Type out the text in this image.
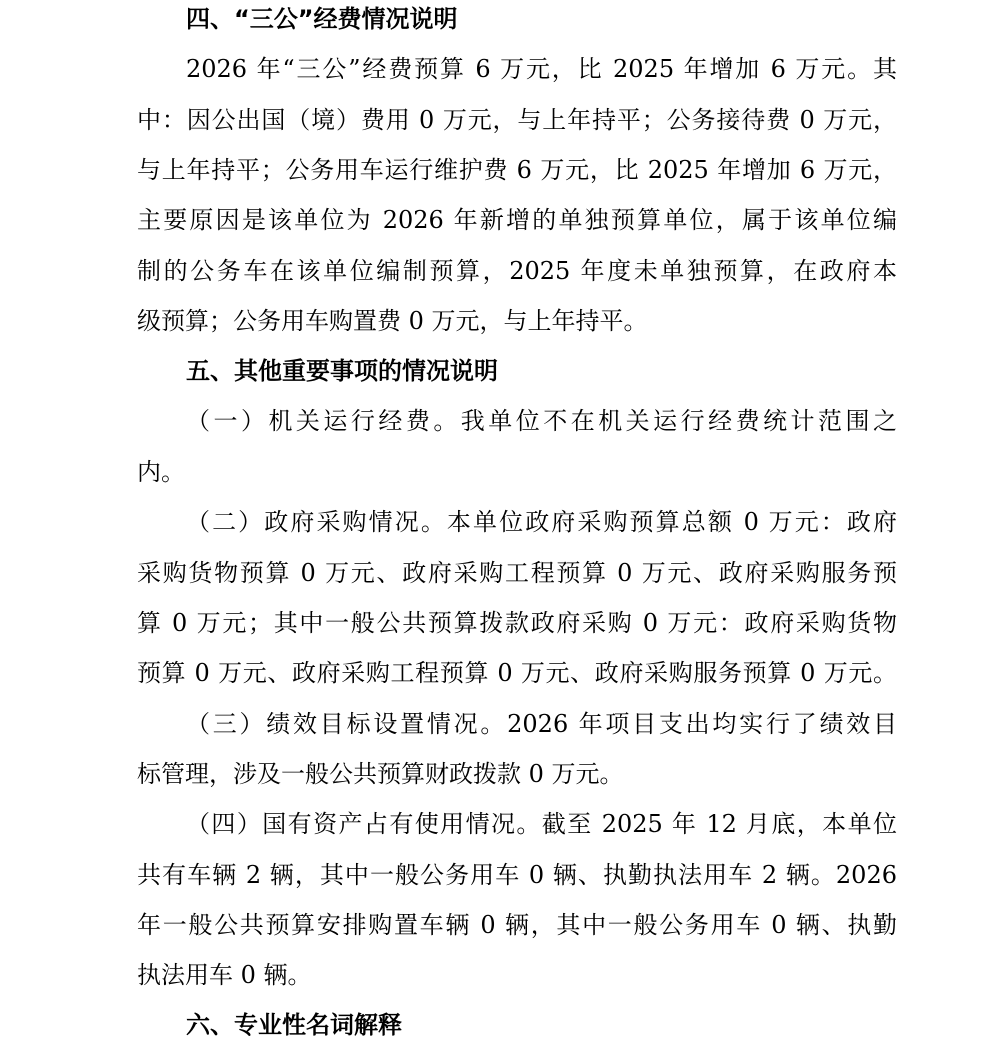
四、“三公”经费情况说明
2026 年“三公”经费预算 6 万元，比 2025 年增加 6 万元。其
中：因公出国（境）费用 0 万元，与上年持平；公务接待费 0 万元，
与上年持平；公务用车运行维护费 6 万元，比 2025 年增加 6 万元，
主要原因是该单位为 2026 年新增的单独预算单位，属于该单位编
制的公务车在该单位编制预算，2025 年度未单独预算，在政府本
级预算；公务用车购置费 0 万元，与上年持平。
五、其他重要事项的情况说明
（一）机关运行经费。我单位不在机关运行经费统计范围之
内。
（二）政府采购情况。本单位政府采购预算总额 0 万元：政府
采购货物预算 0 万元、政府采购工程预算 0 万元、政府采购服务预
算 0 万元；其中一般公共预算拨款政府采购 0 万元：政府采购货物
预算 0 万元、政府采购工程预算 0 万元、政府采购服务预算 0 万元。
（三）绩效目标设置情况。2026 年项目支出均实行了绩效目
标管理，涉及一般公共预算财政拨款 0 万元。
（四）国有资产占有使用情况。截至 2025 年 12 月底，本单位
共有车辆 2 辆，其中一般公务用车 0 辆、执勤执法用车 2 辆。2026
年一般公共预算安排购置车辆 0 辆，其中一般公务用车 0 辆、执勤
执法用车 0 辆。
六、专业性名词解释
